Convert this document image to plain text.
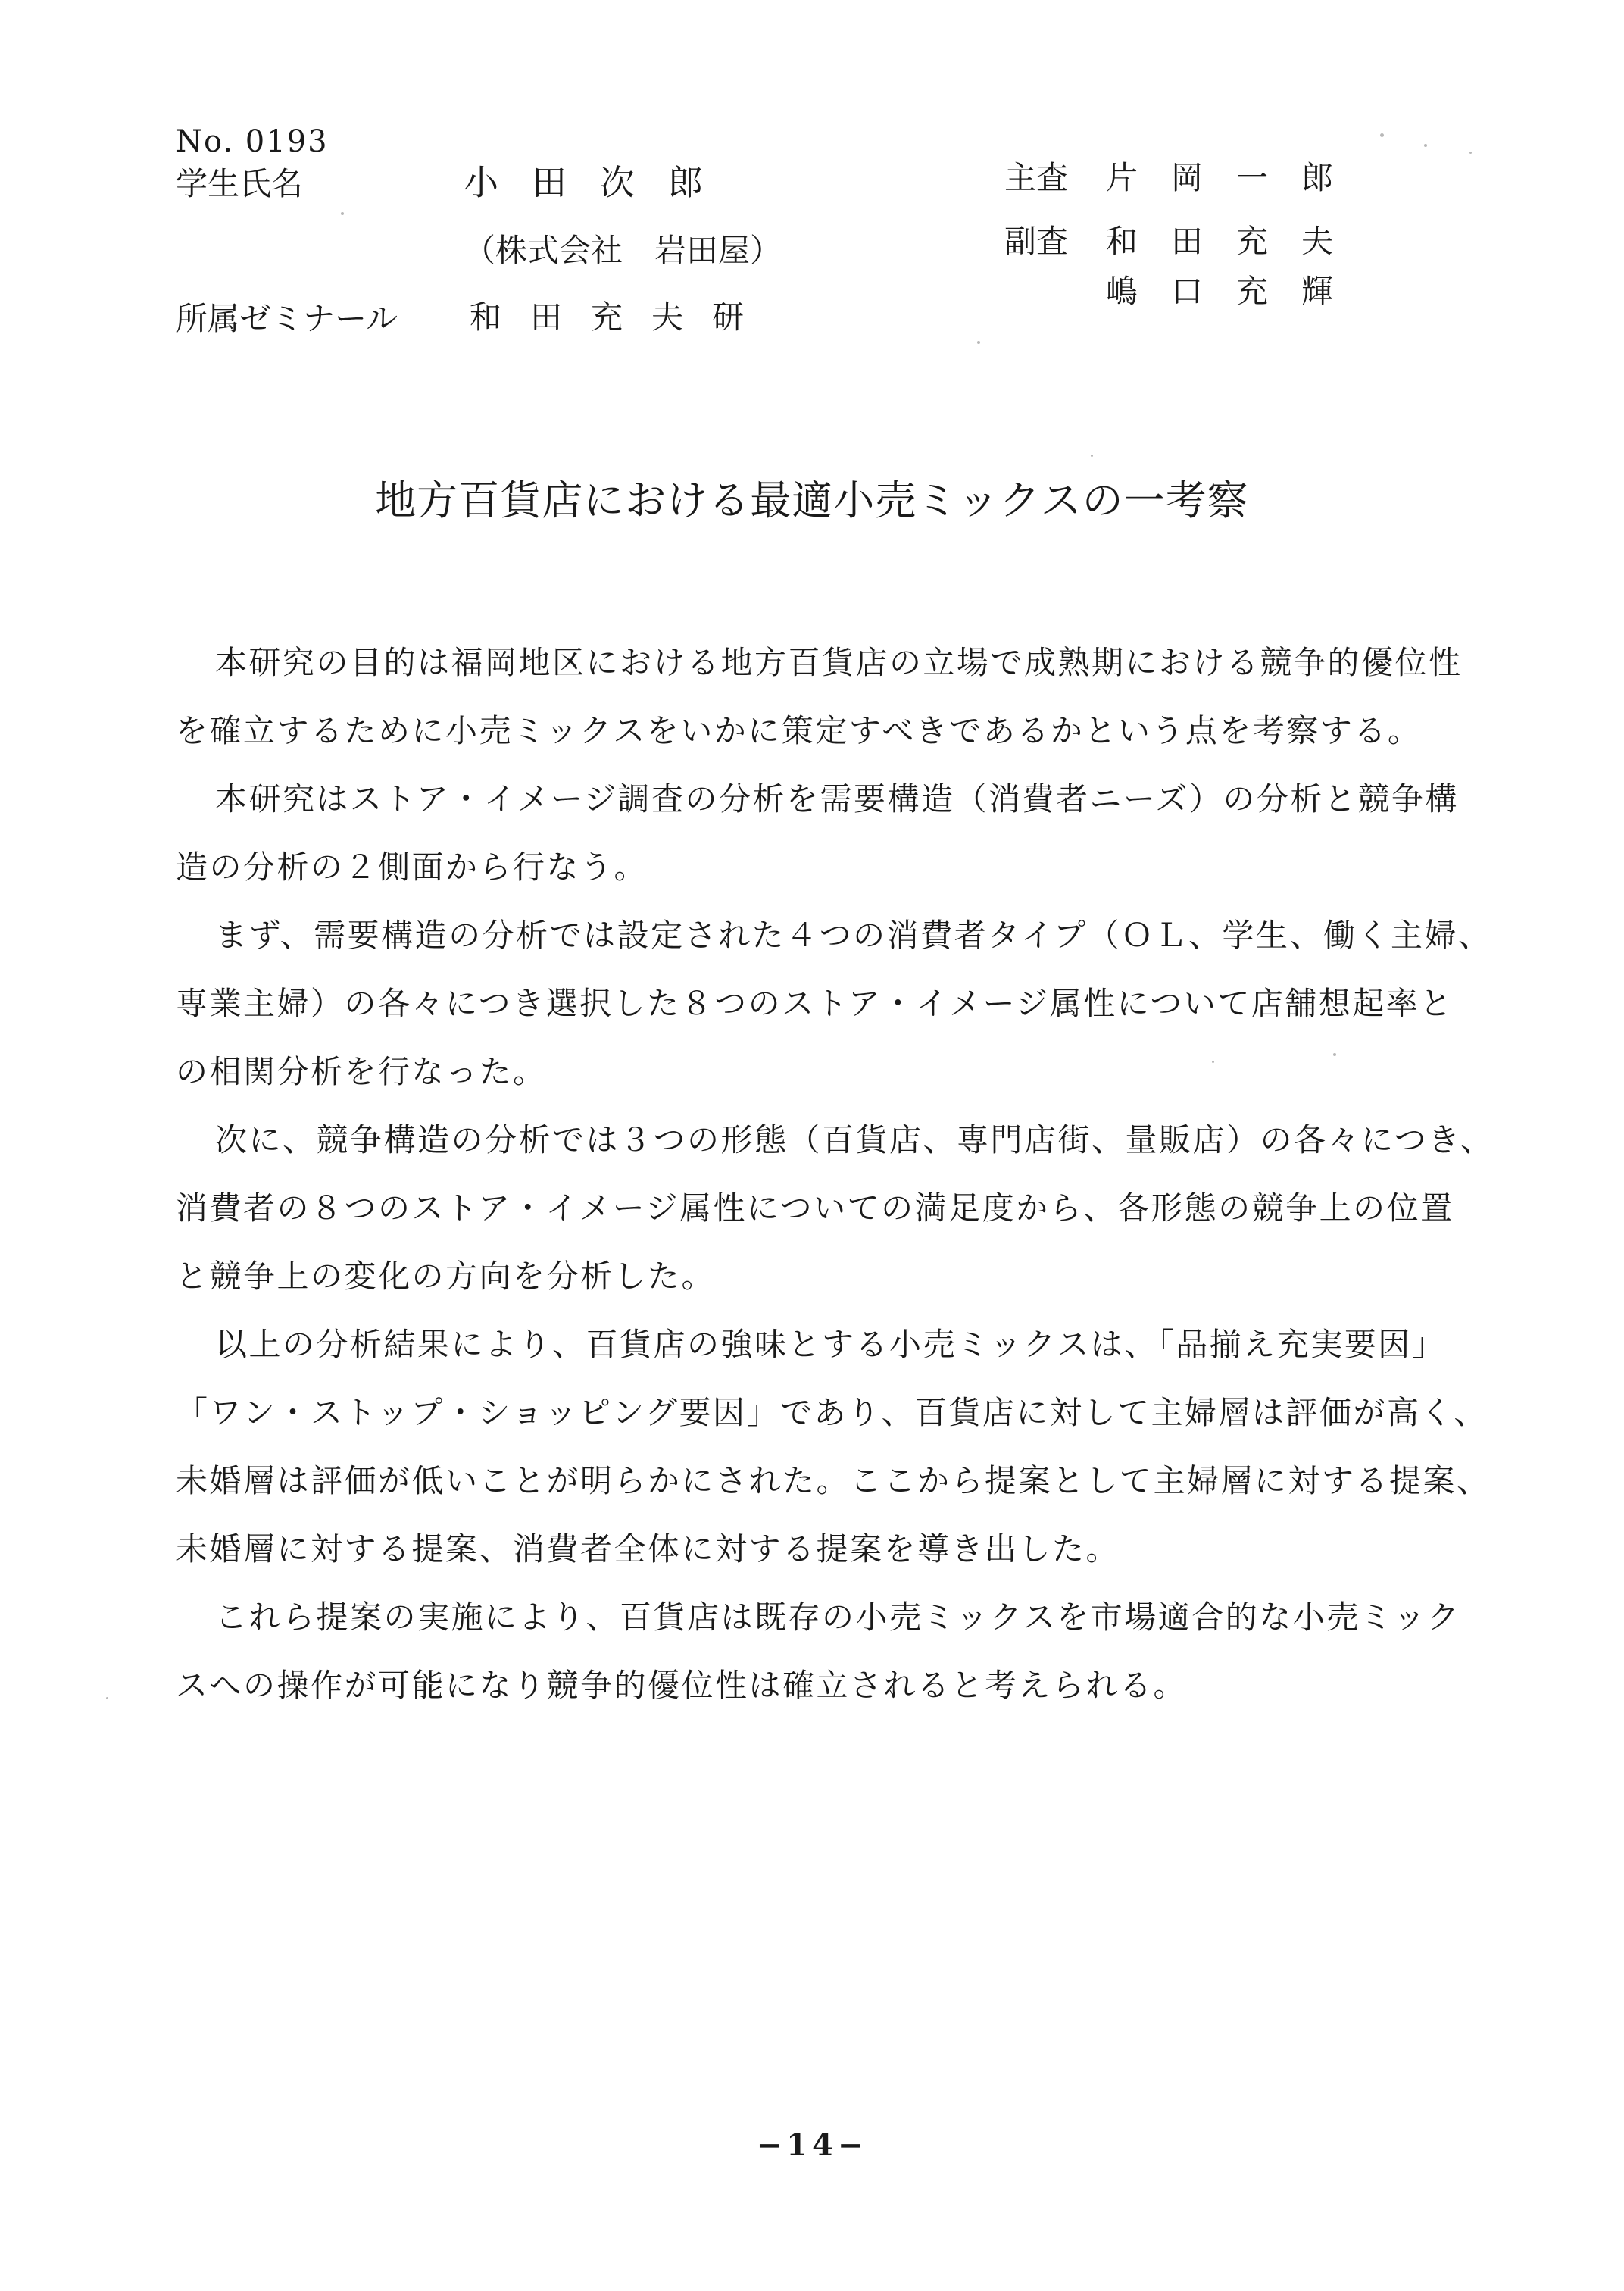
No. 0193
学生氏名	小田次郎
（株式会社　岩田屋）
所属ゼミナール 和田充夫研
主査 片岡一郎
副査 和田充夫
嶋口充輝
地方百貨店における最適小売ミックスの一考察

本研究の目的は福岡地区における地方百貨店の立場で成熟期における競争的優位性
を確立するために小売ミックスをいかに策定すべきであるかという点を考察する。

本研究はストア・イメージ調査の分析を需要構造（消費者ニーズ）の分析と競争構
造の分析の２側面から行なう。

まず、需要構造の分析では設定された４つの消費者タイプ（ＯＬ、学生、働く主婦、
専業主婦）の各々につき選択した８つのストア・イメージ属性について店舗想起率と
の相関分析を行なった。

次に、競争構造の分析では３つの形態（百貨店、専門店街、量販店）の各々につき、
消費者の８つのストア・イメージ属性についての満足度から、各形態の競争上の位置
と競争上の変化の方向を分析した。

以上の分析結果により、百貨店の強味とする小売ミックスは、「品揃え充実要因」
「ワン・ストップ・ショッピング要因」であり、百貨店に対して主婦層は評価が高く、
未婚層は評価が低いことが明らかにされた。ここから提案として主婦層に対する提案、
未婚層に対する提案、消費者全体に対する提案を導き出した。

これら提案の実施により、百貨店は既存の小売ミックスを市場適合的な小売ミック
スへの操作が可能になり競争的優位性は確立されると考えられる。

−14−
